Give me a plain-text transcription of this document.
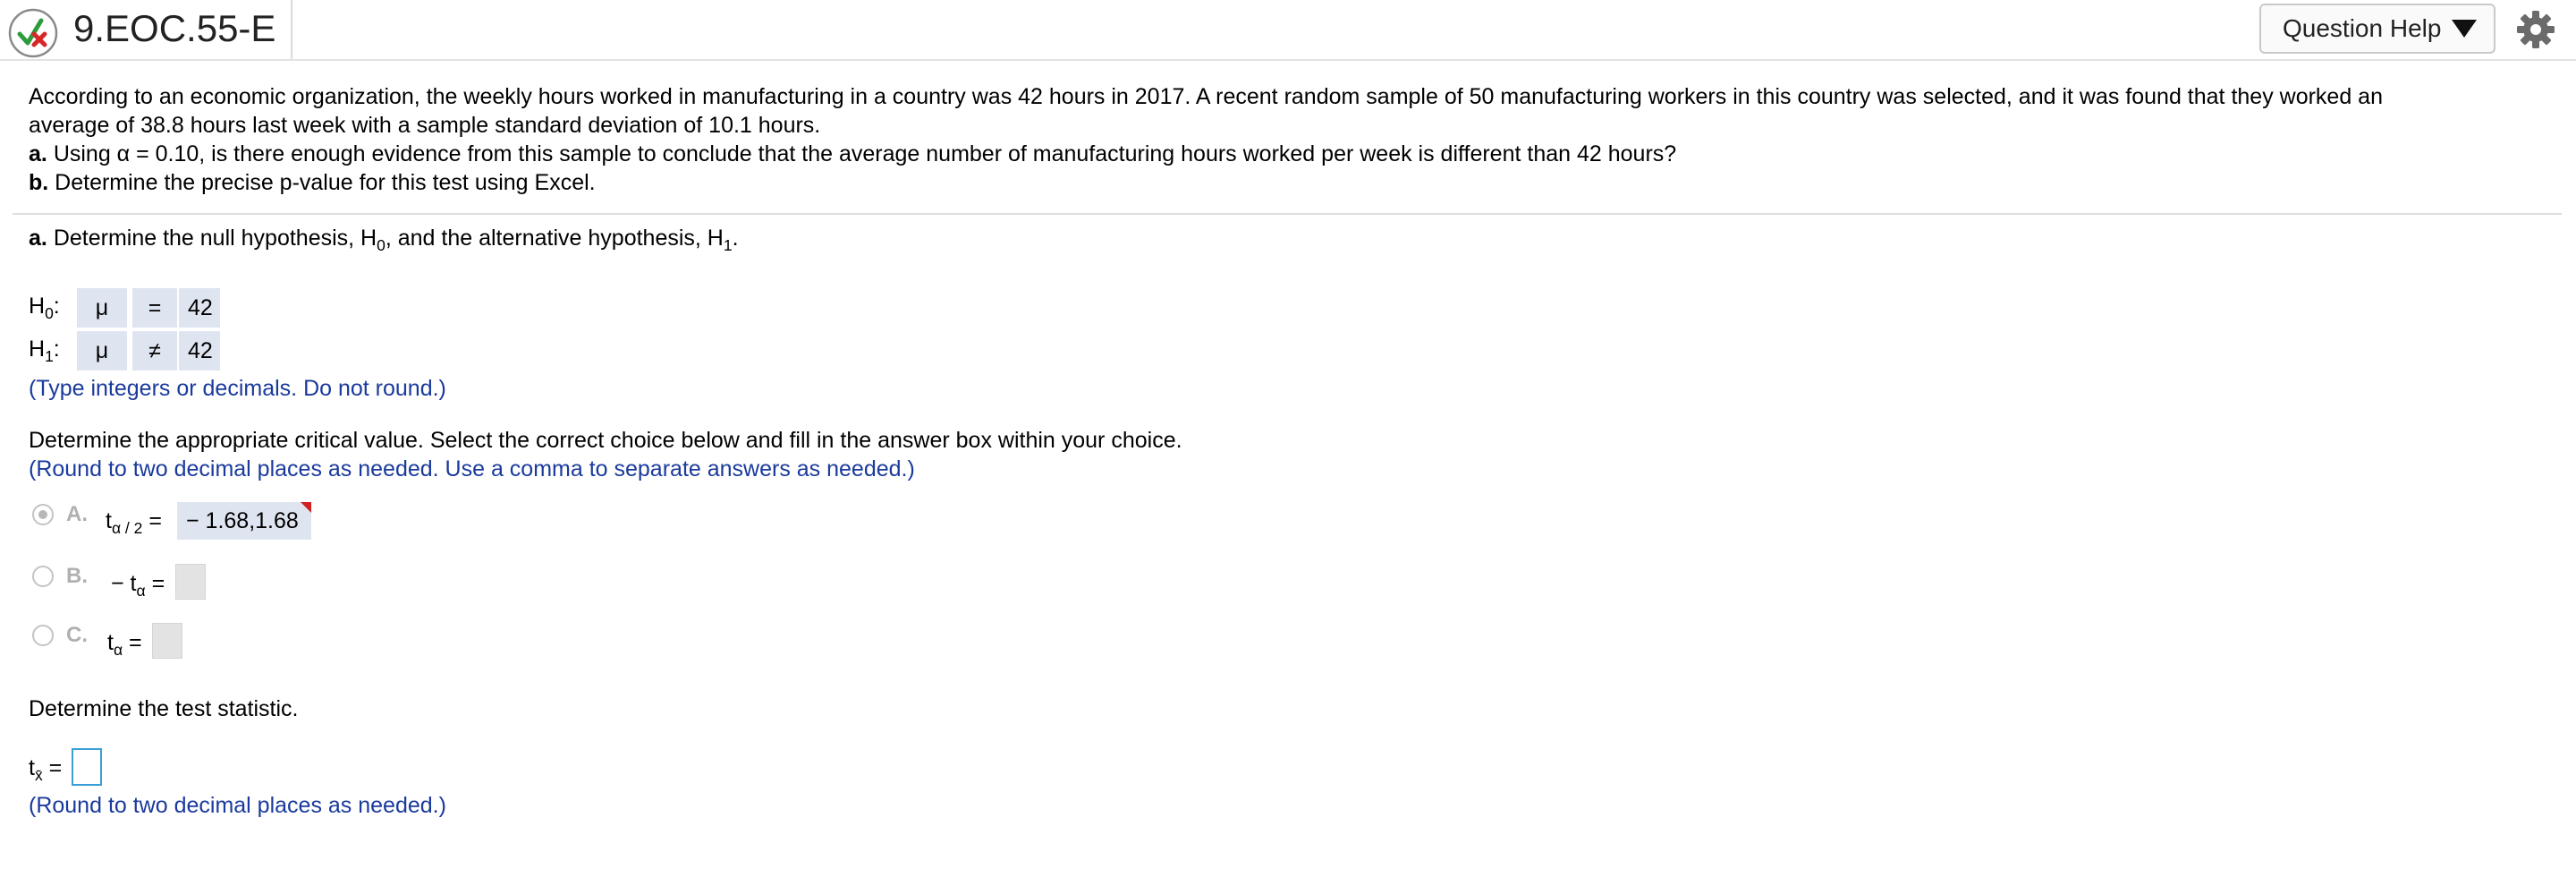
9.EOC.55-E	Question Help
According to an economic organization, the weekly hours worked in manufacturing in a country was 42 hours in 2017. A recent random sample of 50 manufacturing workers in this country was selected, and it was found that they worked an
average of 38.8 hours last week with a sample standard deviation of 10.1 hours.
a. Using α = 0.10, is there enough evidence from this sample to conclude that the average number of manufacturing hours worked per week is different than 42 hours?
b. Determine the precise p-value for this test using Excel.
a. Determine the null hypothesis, $H_0$, and the alternative hypothesis, $H_1$.
$H_0$:	μ	=	42
$H_1$:	μ	≠	42
(Type integers or decimals. Do not round.)
Determine the appropriate critical value. Select the correct choice below and fill in the answer box within your choice.
(Round to two decimal places as needed. Use a comma to separate answers as needed.)
A. $t_{\alpha / 2}$ =	− 1.68,1.68
B. − $t_\alpha$ =
C. $t_\alpha$ =
Determine the test statistic.
$t_{x̄}$ =
(Round to two decimal places as needed.)
